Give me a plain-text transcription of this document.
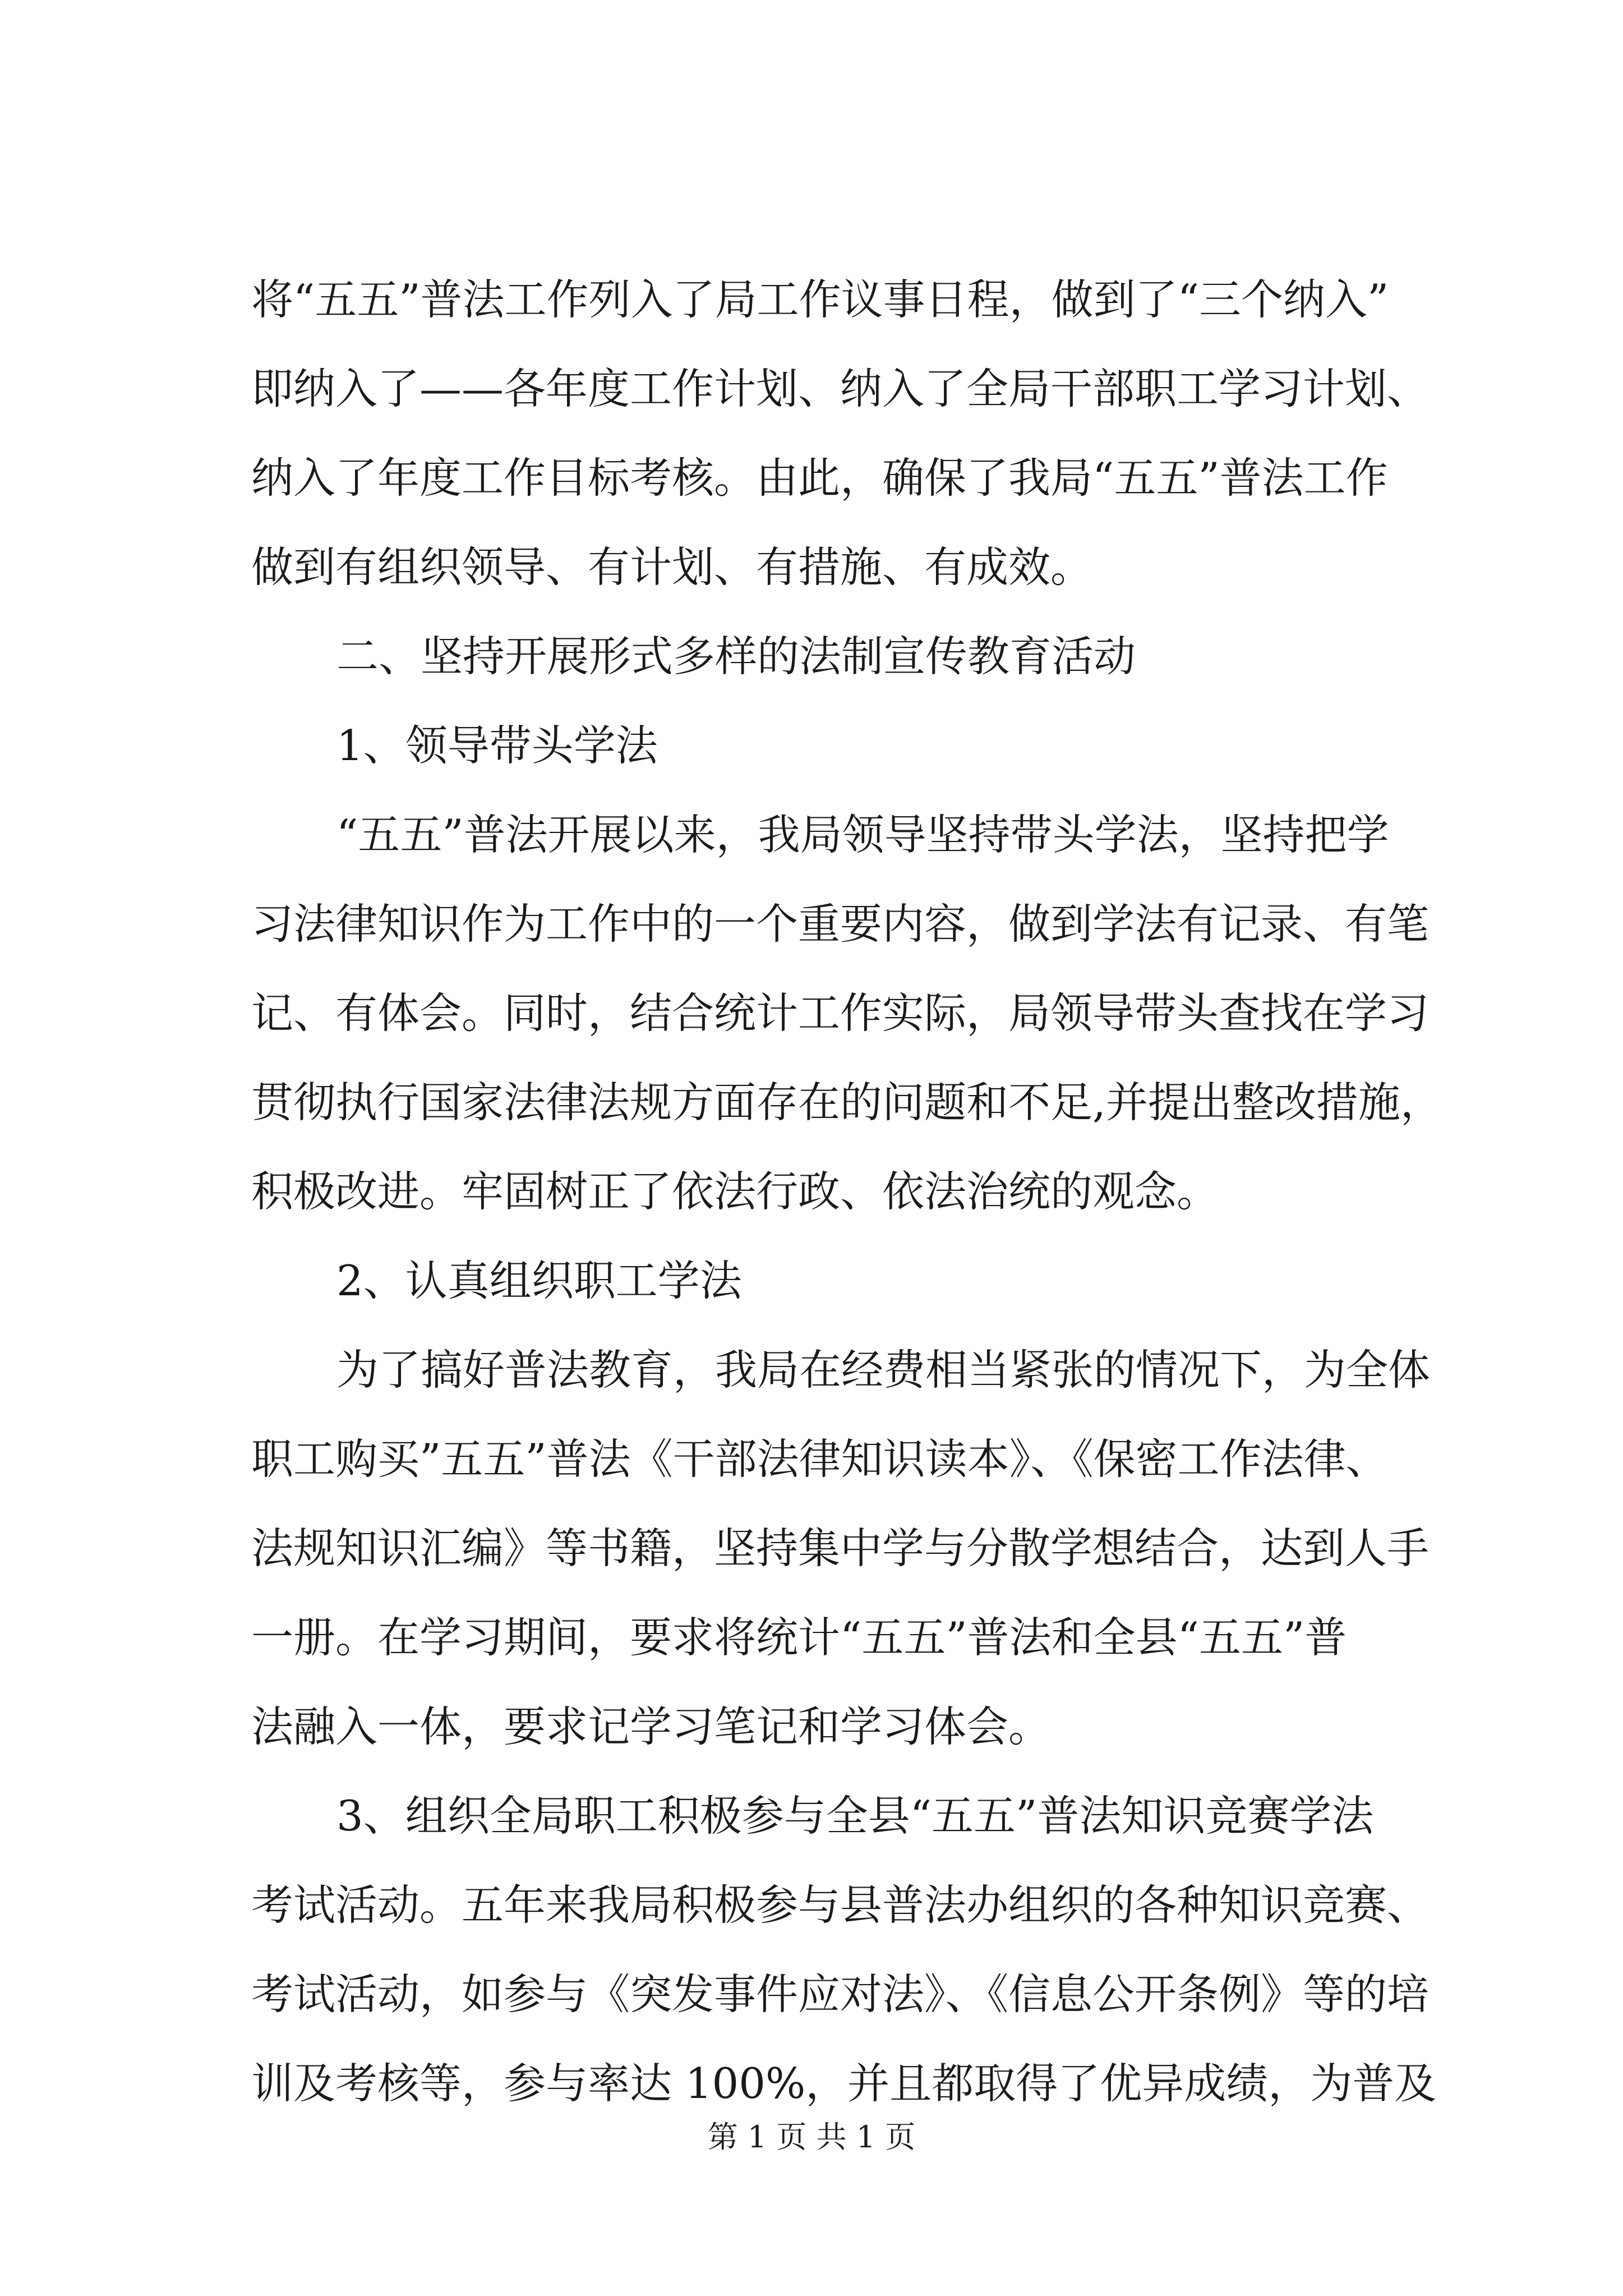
将“五五”普法工作列入了局工作议事日程，做到了“三个纳入”
即纳入了——各年度工作计划、纳入了全局干部职工学习计划、
纳入了年度工作目标考核。由此，确保了我局“五五”普法工作
做到有组织领导、有计划、有措施、有成效。
二、坚持开展形式多样的法制宣传教育活动
1、领导带头学法
“五五”普法开展以来，我局领导坚持带头学法，坚持把学
习法律知识作为工作中的一个重要内容，做到学法有记录、有笔
记、有体会。同时，结合统计工作实际，局领导带头查找在学习
贯彻执行国家法律法规方面存在的问题和不足,并提出整改措施，
积极改进。牢固树正了依法行政、依法治统的观念。
2、认真组织职工学法
为了搞好普法教育，我局在经费相当紧张的情况下，为全体
职工购买”五五”普法《干部法律知识读本》、《保密工作法律、
法规知识汇编》等书籍，坚持集中学与分散学想结合，达到人手
一册。在学习期间，要求将统计“五五”普法和全县“五五”普
法融入一体，要求记学习笔记和学习体会。
3、组织全局职工积极参与全县“五五”普法知识竞赛学法
考试活动。五年来我局积极参与县普法办组织的各种知识竞赛、
考试活动，如参与《突发事件应对法》、《信息公开条例》等的培
训及考核等，参与率达 100%，并且都取得了优异成绩，为普及
第 1 页 共 1 页
